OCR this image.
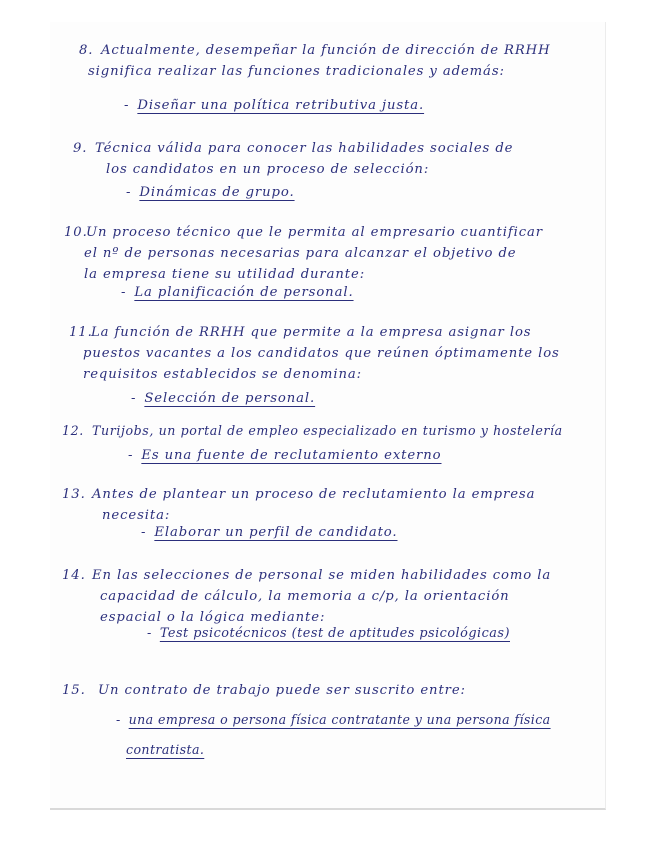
8. Actualmente, desempeñar la función de dirección de RRHH
significa realizar las funciones tradicionales y además:
- Diseñar una política retributiva justa.
9. Técnica válida para conocer las habilidades sociales de
los candidatos en un proceso de selección:
- Dinámicas de grupo.
10.Un proceso técnico que le permita al empresario cuantificar
el nº de personas necesarias para alcanzar el objetivo de
la empresa tiene su utilidad durante:
- La planificación de personal.
11.La función de RRHH que permite a la empresa asignar los
puestos vacantes a los candidatos que reúnen óptimamente los
requisitos establecidos se denomina:
- Selección de personal.
12. Turijobs, un portal de empleo especializado en turismo y hostelería
- Es una fuente de reclutamiento externo
13. Antes de plantear un proceso de reclutamiento la empresa
necesita:
- Elaborar un perfil de candidato.
14. En las selecciones de personal se miden habilidades como la
capacidad de cálculo, la memoria a c/p, la orientación
espacial o la lógica mediante:
- Test psicotécnicos (test de aptitudes psicológicas)
15. Un contrato de trabajo puede ser suscrito entre:
- una empresa o persona física contratante y una persona física
contratista.
